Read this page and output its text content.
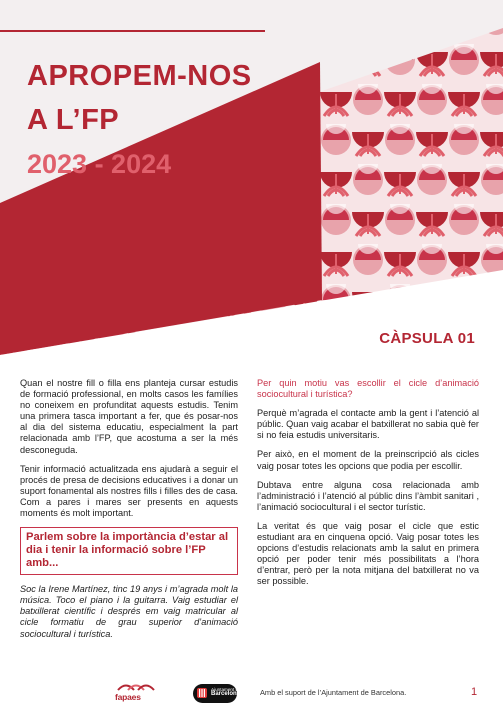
APROPEM-NOS
A L’FP
2023 - 2024
CÀPSULA 01

Quan el nostre fill o filla ens planteja cursar estudis de formació professional, en molts casos les famílies no coneixem en profunditat aquests estudis. Tenim una primera tasca important a fer, que és posar-nos al dia del sistema educatiu, especialment la part relacionada amb l’FP, que acostuma a ser la més desconeguda.

Tenir informació actualitzada ens ajudarà a seguir el procés de presa de decisions educatives i a donar un suport fonamental als nostres fills i filles des de casa. Com a pares i mares ser presents en aquests moments és molt important.

Parlem sobre la importància d’estar al dia i tenir la informació sobre l’FP amb...

Soc la Irene Martínez, tinc 19 anys i m’agrada molt la música. Toco el piano i la guitarra. Vaig estudiar el batxillerat científic i després em vaig matricular al cicle formatiu de grau superior d’animació sociocultural i turística.

Per quin motiu vas escollir el cicle d’animació sociocultural i turística?

Perquè m’agrada el contacte amb la gent i l’atenció al públic. Quan vaig acabar el batxillerat no sabia què fer si no feia estudis universitaris.

Per això, en el moment de la preinscripció als cicles vaig posar totes les opcions que podia per escollir.

Dubtava entre alguna cosa relacionada amb l’administració i l’atenció al públic dins l’àmbit sanitari , l’animació sociocultural i el sector turístic.

La veritat és que vaig posar el cicle que estic estudiant ara en cinquena opció. Vaig posar totes les opcions d’estudis relacionats amb la salut en primera opció per poder tenir més possibilitats a l’hora d’entrar, però per la nota mitjana del batxillerat no va ser possible.

fapaes
Ajuntament de
Barcelona	Amb el suport de l’Ajuntament de Barcelona.	1
